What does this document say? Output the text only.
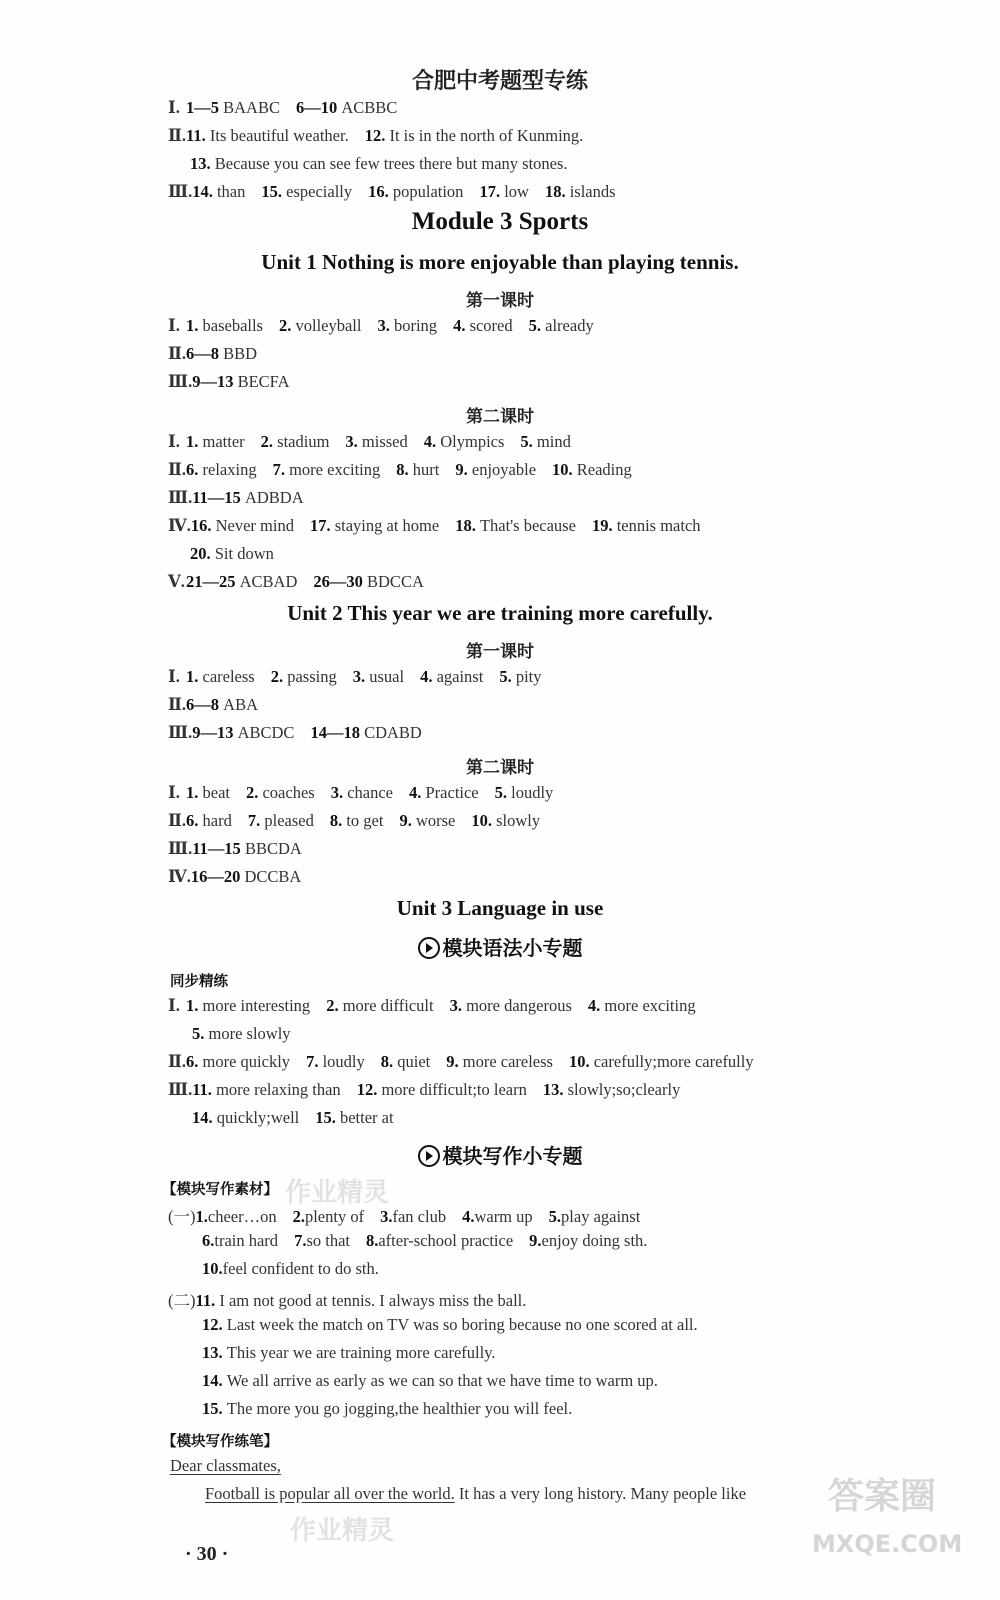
合肥中考题型专练
Ⅰ. 1—5 BAABC 6—10 ACBBC
Ⅱ.11. Its beautiful weather. 12. It is in the north of Kunming.
13. Because you can see few trees there but many stones.
Ⅲ.14. than 15. especially 16. population 17. low 18. islands
Module 3 Sports
Unit 1 Nothing is more enjoyable than playing tennis.
第一课时
Ⅰ. 1. baseballs 2. volleyball 3. boring 4. scored 5. already
Ⅱ.6—8 BBD
Ⅲ.9—13 BECFA
第二课时
Ⅰ. 1. matter 2. stadium 3. missed 4. Olympics 5. mind
Ⅱ.6. relaxing 7. more exciting 8. hurt 9. enjoyable 10. Reading
Ⅲ.11—15 ADBDA
Ⅳ.16. Never mind 17. staying at home 18. That's because 19. tennis match
20. Sit down
Ⅴ.21—25 ACBAD 26—30 BDCCA
Unit 2 This year we are training more carefully.
第一课时
Ⅰ. 1. careless 2. passing 3. usual 4. against 5. pity
Ⅱ.6—8 ABA
Ⅲ.9—13 ABCDC 14—18 CDABD
第二课时
Ⅰ. 1. beat 2. coaches 3. chance 4. Practice 5. loudly
Ⅱ.6. hard 7. pleased 8. to get 9. worse 10. slowly
Ⅲ.11—15 BBCDA
Ⅳ.16—20 DCCBA
Unit 3 Language in use
模块语法小专题
同步精练
Ⅰ. 1. more interesting 2. more difficult 3. more dangerous 4. more exciting
5. more slowly
Ⅱ.6. more quickly 7. loudly 8. quiet 9. more careless 10. carefully;more carefully
Ⅲ.11. more relaxing than 12. more difficult;to learn 13. slowly;so;clearly
14. quickly;well 15. better at
模块写作小专题
【模块写作素材】
(一)1.cheer…on 2.plenty of 3.fan club 4.warm up 5.play against
6.train hard 7.so that 8.after-school practice 9.enjoy doing sth.
10.feel confident to do sth.
(二)11. I am not good at tennis. I always miss the ball.
12. Last week the match on TV was so boring because no one scored at all.
13. This year we are training more carefully.
14. We all arrive as early as we can so that we have time to warm up.
15. The more you go jogging,the healthier you will feel.
【模块写作练笔】
Dear classmates,
Football is popular all over the world. It has a very long history. Many people like
· 30 ·
作业精灵
作业精灵
答案圈
MXQE.COM
